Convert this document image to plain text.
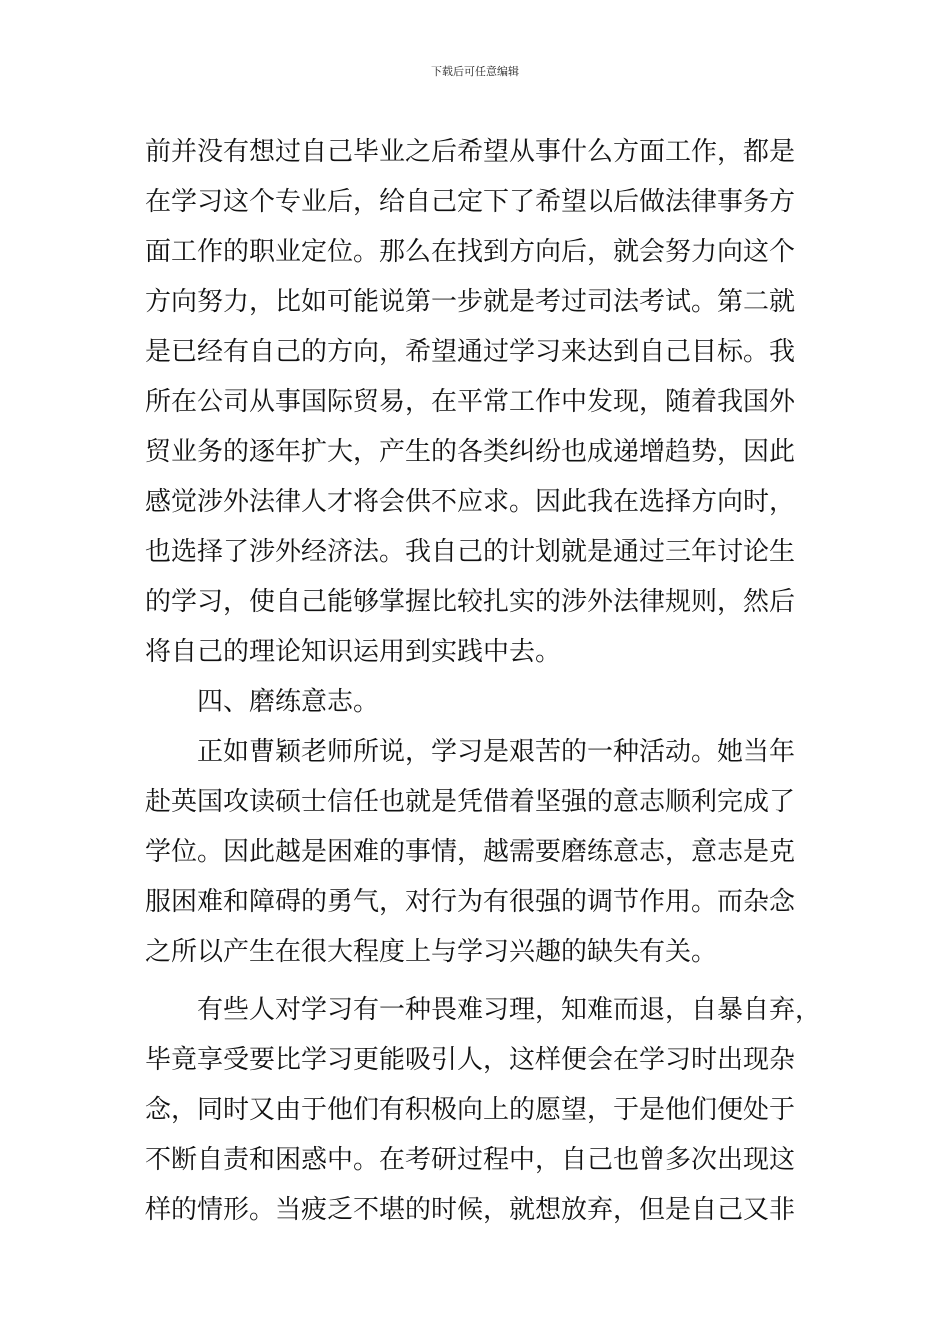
下载后可任意编辑
前并没有想过自己毕业之后希望从事什么方面工作，都是
在学习这个专业后，给自己定下了希望以后做法律事务方
面工作的职业定位。那么在找到方向后，就会努力向这个
方向努力，比如可能说第一步就是考过司法考试。第二就
是已经有自己的方向，希望通过学习来达到自己目标。我
所在公司从事国际贸易，在平常工作中发现，随着我国外
贸业务的逐年扩大，产生的各类纠纷也成递增趋势，因此
感觉涉外法律人才将会供不应求。因此我在选择方向时，
也选择了涉外经济法。我自己的计划就是通过三年讨论生
的学习，使自己能够掌握比较扎实的涉外法律规则，然后
将自己的理论知识运用到实践中去。
四、磨练意志。
正如曹颖老师所说，学习是艰苦的一种活动。她当年
赴英国攻读硕士信任也就是凭借着坚强的意志顺利完成了
学位。因此越是困难的事情，越需要磨练意志，意志是克
服困难和障碍的勇气，对行为有很强的调节作用。而杂念
之所以产生在很大程度上与学习兴趣的缺失有关。
有些人对学习有一种畏难习理，知难而退，自暴自弃，
毕竟享受要比学习更能吸引人，这样便会在学习时出现杂
念，同时又由于他们有积极向上的愿望，于是他们便处于
不断自责和困惑中。在考研过程中，自己也曾多次出现这
样的情形。当疲乏不堪的时候，就想放弃，但是自己又非
